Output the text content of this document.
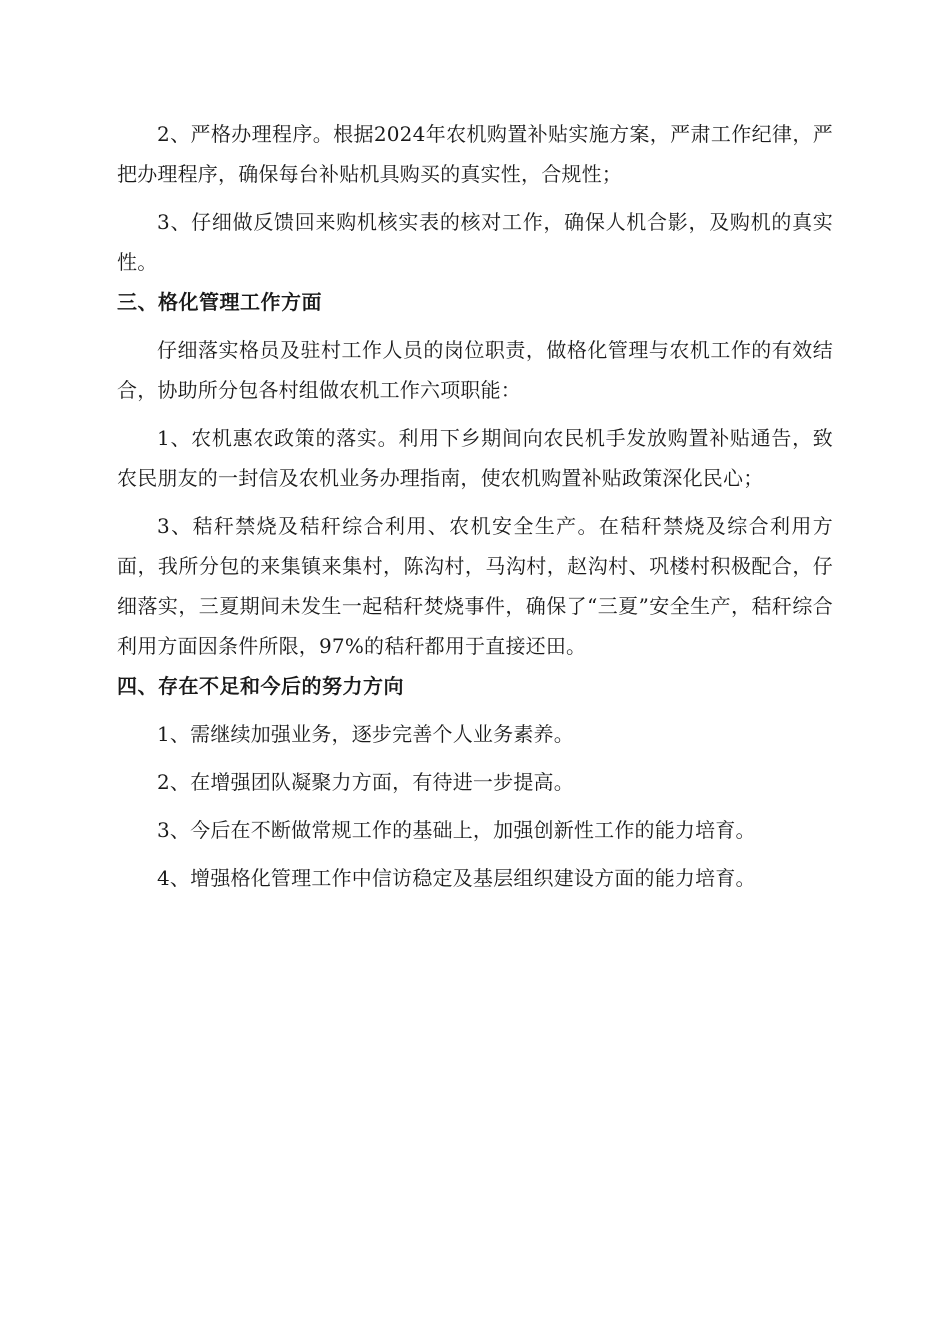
2、严格办理程序。根据2024年农机购置补贴实施方案，严肃工作纪律，严把办理程序，确保每台补贴机具购买的真实性，合规性；

3、仔细做反馈回来购机核实表的核对工作，确保人机合影，及购机的真实性。

三、格化管理工作方面

仔细落实格员及驻村工作人员的岗位职责，做格化管理与农机工作的有效结合，协助所分包各村组做农机工作六项职能：

1、农机惠农政策的落实。利用下乡期间向农民机手发放购置补贴通告，致农民朋友的一封信及农机业务办理指南，使农机购置补贴政策深化民心；

3、秸秆禁烧及秸秆综合利用、农机安全生产。在秸秆禁烧及综合利用方面，我所分包的来集镇来集村，陈沟村，马沟村，赵沟村、巩楼村积极配合，仔细落实，三夏期间未发生一起秸秆焚烧事件，确保了“三夏”安全生产，秸秆综合利用方面因条件所限，97%的秸秆都用于直接还田。

四、存在不足和今后的努力方向

1、需继续加强业务，逐步完善个人业务素养。

2、在增强团队凝聚力方面，有待进一步提高。

3、今后在不断做常规工作的基础上，加强创新性工作的能力培育。

4、增强格化管理工作中信访稳定及基层组织建设方面的能力培育。
